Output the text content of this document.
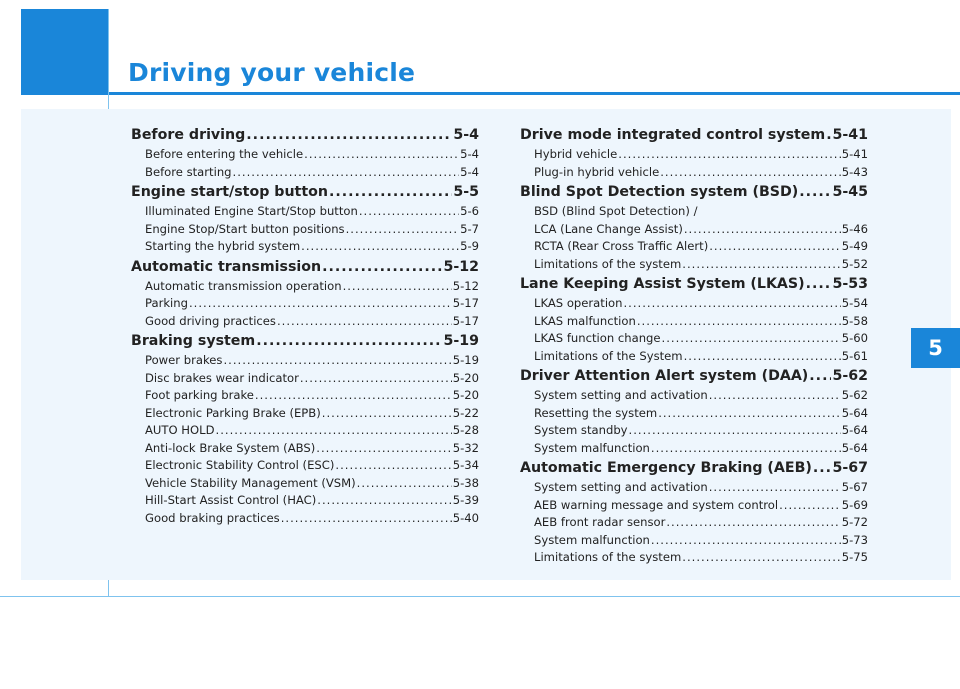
Driving your vehicle
5
Before driving .....	5-4
Before entering the vehicle .....	5-4
Before starting .....	5-4
Engine start/stop button .....	5-5
Illuminated Engine Start/Stop button .....	5-6
Engine Stop/Start button positions .....	5-7
Starting the hybrid system .....	5-9
Automatic transmission .....	5-12
Automatic transmission operation .....	5-12
Parking .....	5-17
Good driving practices .....	5-17
Braking system .....	5-19
Power brakes .....	5-19
Disc brakes wear indicator .....	5-20
Foot parking brake .....	5-20
Electronic Parking Brake (EPB) .....	5-22
AUTO HOLD .....	5-28
Anti-lock Brake System (ABS) .....	5-32
Electronic Stability Control (ESC) .....	5-34
Vehicle Stability Management (VSM) .....	5-38
Hill-Start Assist Control (HAC) .....	5-39
Good braking practices .....	5-40
Drive mode integrated control system ..... 5-41
Hybrid vehicle .....	5-41
Plug-in hybrid vehicle .....	5-43
Blind Spot Detection system (BSD) ..... 5-45
BSD (Blind Spot Detection) /
LCA (Lane Change Assist) .....	5-46
RCTA (Rear Cross Traffic Alert) .....	5-49
Limitations of the system .....	5-52
Lane Keeping Assist System (LKAS) ..... 5-53
LKAS operation .....	5-54
LKAS malfunction .....	5-58
LKAS function change .....	5-60
Limitations of the System .....	5-61
Driver Attention Alert system (DAA) ..... 5-62
System setting and activation .....	5-62
Resetting the system .....	5-64
System standby .....	5-64
System malfunction .....	5-64
Automatic Emergency Braking (AEB) ..... 5-67
System setting and activation .....	5-67
AEB warning message and system control .....	5-69
AEB front radar sensor .....	5-72
System malfunction .....	5-73
Limitations of the system .....	5-75
